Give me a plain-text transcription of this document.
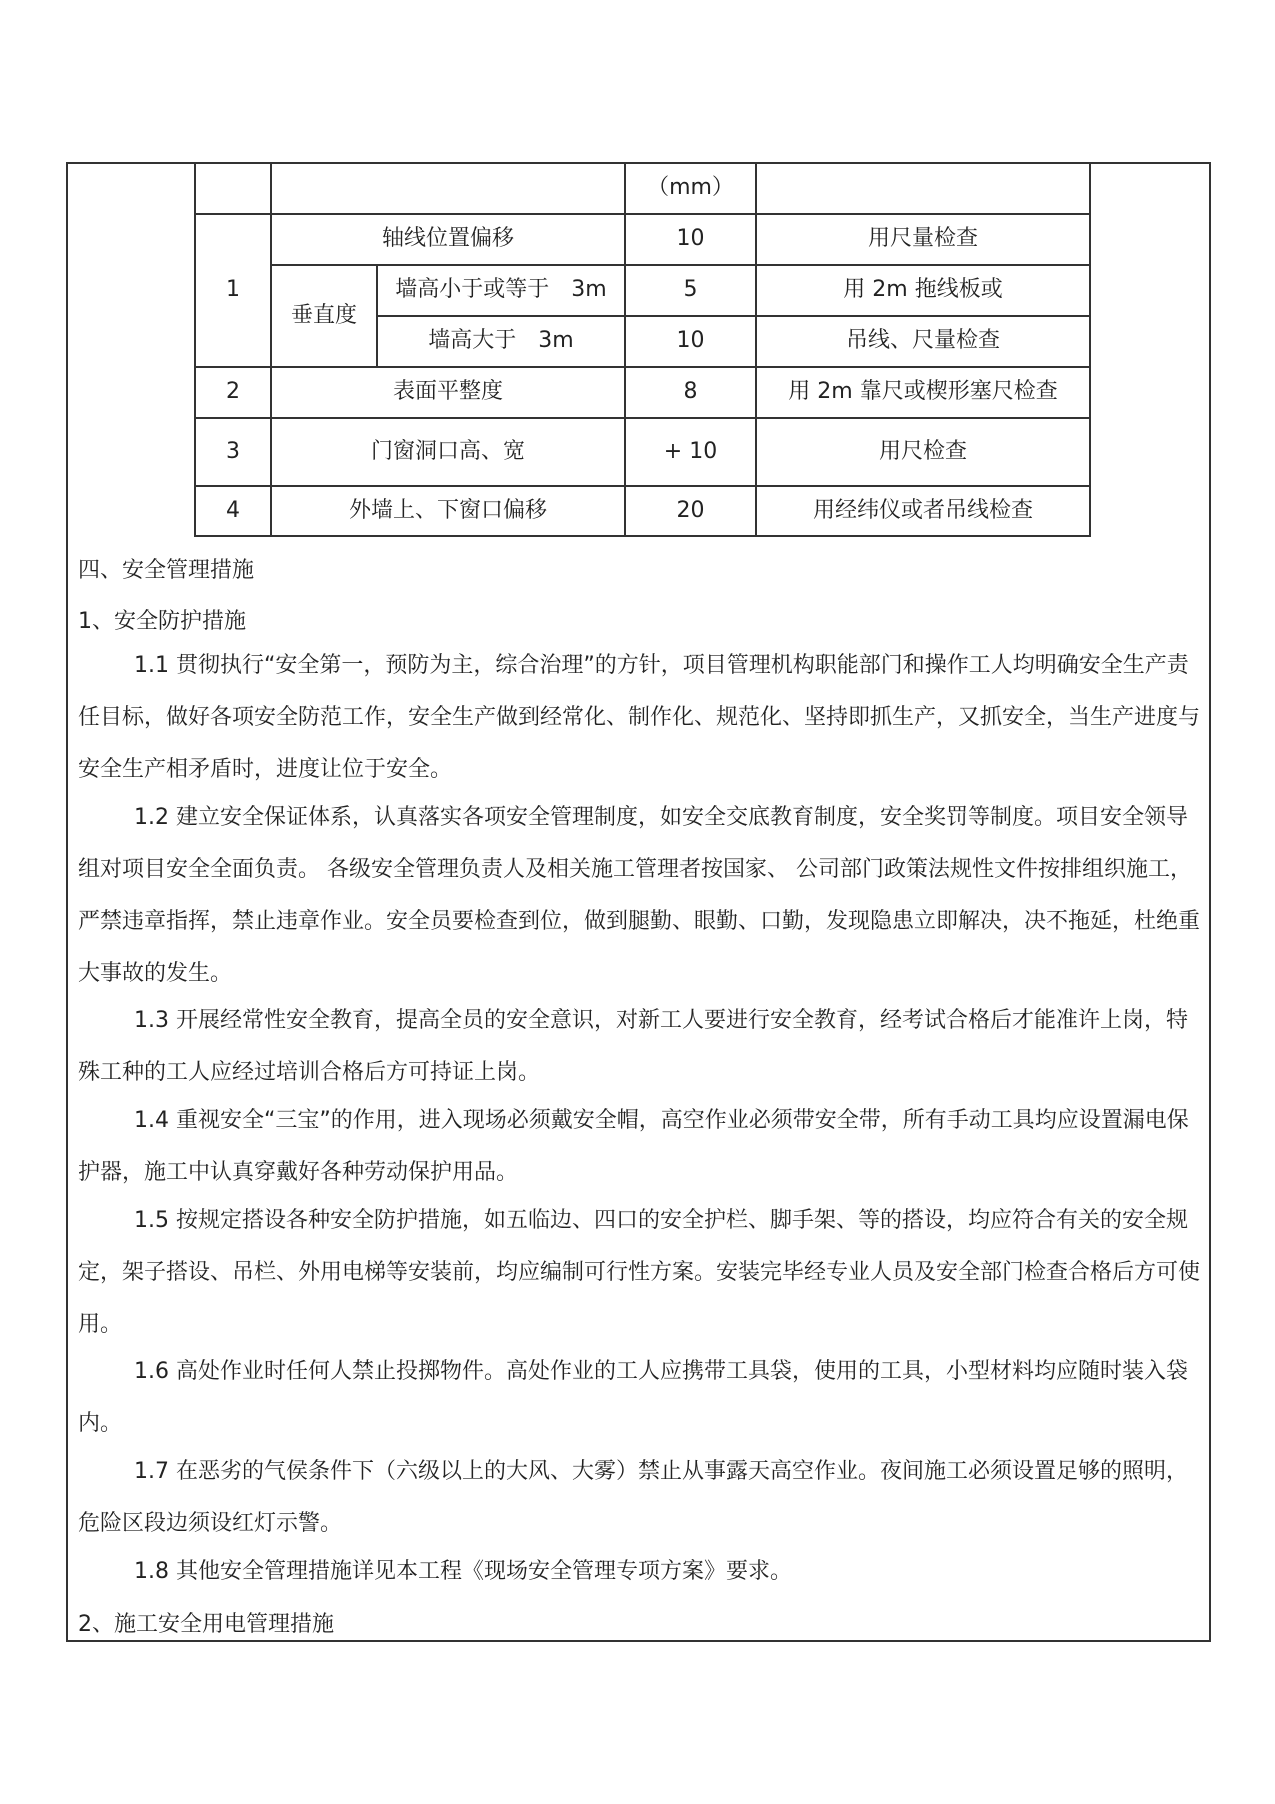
			（mm）	
1	轴线位置偏移		10	用尺量检查
	垂直度	墙高小于或等于　3m	5	用 2m 拖线板或
		墙高大于　3m	10	吊线、尺量检查
2	表面平整度		8	用 2m 靠尺或楔形塞尺检查
3	门窗洞口高、宽		+ 10	用尺检查
4	外墙上、下窗口偏移		20	用经纬仪或者吊线检查
四、安全管理措施
1、安全防护措施

1.1 贯彻执行“安全第一，预防为主，综合治理”的方针，项目管理机构职能部门和操作工人均明确安全生产责任目标，做好各项安全防范工作，安全生产做到经常化、制作化、规范化、坚持即抓生产，又抓安全，当生产进度与安全生产相矛盾时，进度让位于安全。

1.2 建立安全保证体系，认真落实各项安全管理制度，如安全交底教育制度，安全奖罚等制度。项目安全领导组对项目安全全面负责。 各级安全管理负责人及相关施工管理者按国家、 公司部门政策法规性文件按排组织施工，严禁违章指挥，禁止违章作业。安全员要检查到位，做到腿勤、眼勤、口勤，发现隐患立即解决，决不拖延，杜绝重大事故的发生。

1.3 开展经常性安全教育，提高全员的安全意识，对新工人要进行安全教育，经考试合格后才能准许上岗，特殊工种的工人应经过培训合格后方可持证上岗。

1.4 重视安全“三宝”的作用，进入现场必须戴安全帽，高空作业必须带安全带，所有手动工具均应设置漏电保护器，施工中认真穿戴好各种劳动保护用品。

1.5 按规定搭设各种安全防护措施，如五临边、四口的安全护栏、脚手架、等的搭设，均应符合有关的安全规定，架子搭设、吊栏、外用电梯等安装前，均应编制可行性方案。安装完毕经专业人员及安全部门检查合格后方可使用。

1.6 高处作业时任何人禁止投掷物件。高处作业的工人应携带工具袋，使用的工具，小型材料均应随时装入袋内。

1.7 在恶劣的气侯条件下（六级以上的大风、大雾）禁止从事露天高空作业。夜间施工必须设置足够的照明，危险区段边须设红灯示警。

1.8 其他安全管理措施详见本工程《现场安全管理专项方案》要求。

2、施工安全用电管理措施
